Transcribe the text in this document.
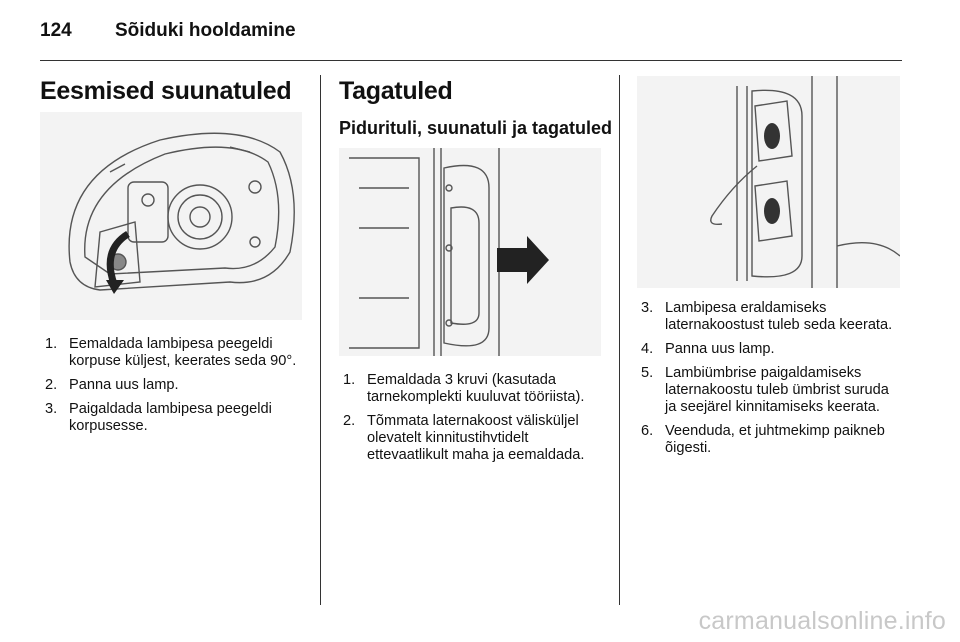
124	Sõiduki hooldamine
Eesmised suunatuled
1. Eemaldada lambipesa peegeldi korpuse küljest, keerates seda 90°.
2. Panna uus lamp.
3. Paigaldada lambipesa peegeldi korpusesse.
Tagatuled
Piduritul​i, suunatuli ja tagatuled
1. Eemaldada 3 kruvi (kasutada tarnekomplekti kuuluvat tööriista).
2. Tõmmata laternakoost välisküljel olevatelt kinnitustihvtidelt ettevaatlikult maha ja eemaldada.
3. Lambipesa eraldamiseks laternakoostust tuleb seda keerata.
4. Panna uus lamp.
5. Lambiümbrise paigaldamiseks laternakoostu tuleb ümbrist suruda ja seejärel kinnitamiseks keerata.
6. Veenduda, et juhtmekimp paikneb õigesti.
carmanualsonline.info
